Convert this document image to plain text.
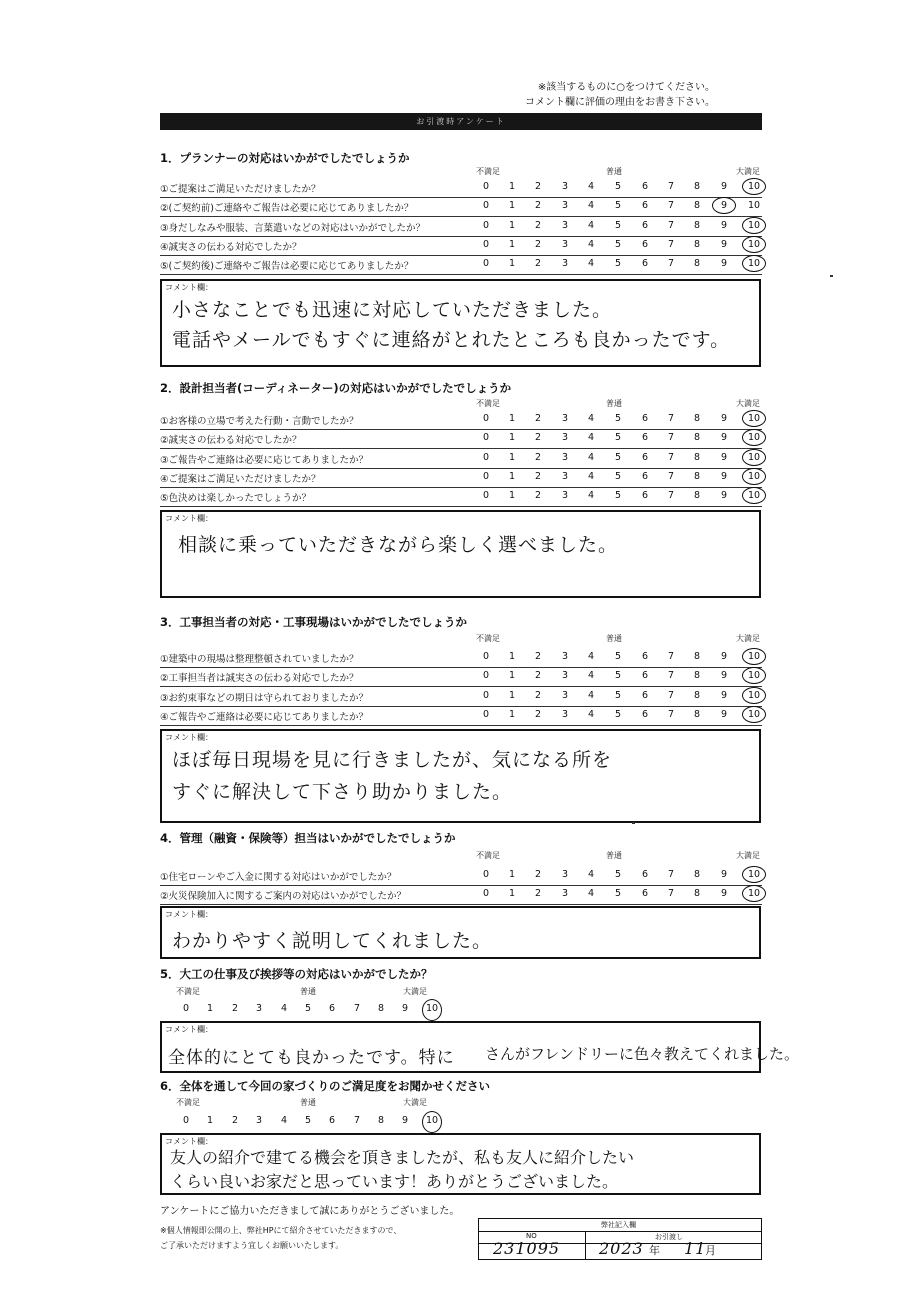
※該当するものに○をつけてください。
コメント欄に評価の理由をお書き下さい。
お引渡時アンケート
1．プランナーの対応はいかがでしたでしょうか
不満足	普通	大満足
コメント欄：
小さなことでも迅速に対応していただきました。
電話やメールでもすぐに連絡がとれたところも良かったです。
2．設計担当者(コーディネーター)の対応はいかがでしたでしょうか
不満足	普通	大満足
コメント欄：
相談に乗っていただきながら楽しく選べました。
3．工事担当者の対応・工事現場はいかがでしたでしょうか
不満足	普通	大満足
コメント欄：
ほぼ毎日現場を見に行きましたが、気になる所を
すぐに解決して下さり助かりました。
4．管理（融資・保険等）担当はいかがでしたでしょうか
不満足	普通	大満足
コメント欄：
わかりやすく説明してくれました。
5．大工の仕事及び挨拶等の対応はいかがでしたか？
不満足	普通	大満足
コメント欄：
全体的にとても良かったです。特に さんがフレンドリーに色々教えてくれました。
6．全体を通して今回の家づくりのご満足度をお聞かせください
不満足	普通	大満足
コメント欄：
友人の紹介で建てる機会を頂きましたが、私も友人に紹介したい
くらい良いお家だと思っています！ありがとうございました。
アンケートにご協力いただきまして誠にありがとうございました。
※個人情報即公開の上、弊社HPにて紹介させていただきますので、
ご了承いただけますよう宜しくお願いいたします。
弊社記入欄
NO	お引渡し
231095 2023 年 11
月
①ご提案はご満足いただけましたか？	0	1	2	3	4	5	6	7	8	9	10
②(ご契約前)ご連絡やご報告は必要に応じてありましたか？	0	1	2	3	4	5	6	7	8	9	10
③身だしなみや服装、言葉遣いなどの対応はいかがでしたか？	0	1	2	3	4	5	6	7	8	9	10
④誠実さの伝わる対応でしたか？	0	1	2	3	4	5	6	7	8	9	10
⑤(ご契約後)ご連絡やご報告は必要に応じてありましたか？	0	1	2	3	4	5	6	7	8	9	10
①お客様の立場で考えた行動・言動でしたか？	0	1	2	3	4	5	6	7	8	9	10
②誠実さの伝わる対応でしたか？	0	1	2	3	4	5	6	7	8	9	10
③ご報告やご連絡は必要に応じてありましたか？	0	1	2	3	4	5	6	7	8	9	10
④ご提案はご満足いただけましたか？	0	1	2	3	4	5	6	7	8	9	10
⑤色決めは楽しかったでしょうか？	0	1	2	3	4	5	6	7	8	9	10
①建築中の現場は整理整頓されていましたか？	0	1	2	3	4	5	6	7	8	9	10
②工事担当者は誠実さの伝わる対応でしたか？	0	1	2	3	4	5	6	7	8	9	10
③お約束事などの期日は守られておりましたか？	0	1	2	3	4	5	6	7	8	9	10
④ご報告やご連絡は必要に応じてありましたか？	0	1	2	3	4	5	6	7	8	9	10
①住宅ローンやご入金に関する対応はいかがでしたか？	0	1	2	3	4	5	6	7	8	9	10
②火災保険加入に関するご案内の対応はいかがでしたか？	0	1	2	3	4	5	6	7	8	9	10
0	1	2	3	4	5	6	7	8	9	10
0	1	2	3	4	5	6	7	8	9	10
